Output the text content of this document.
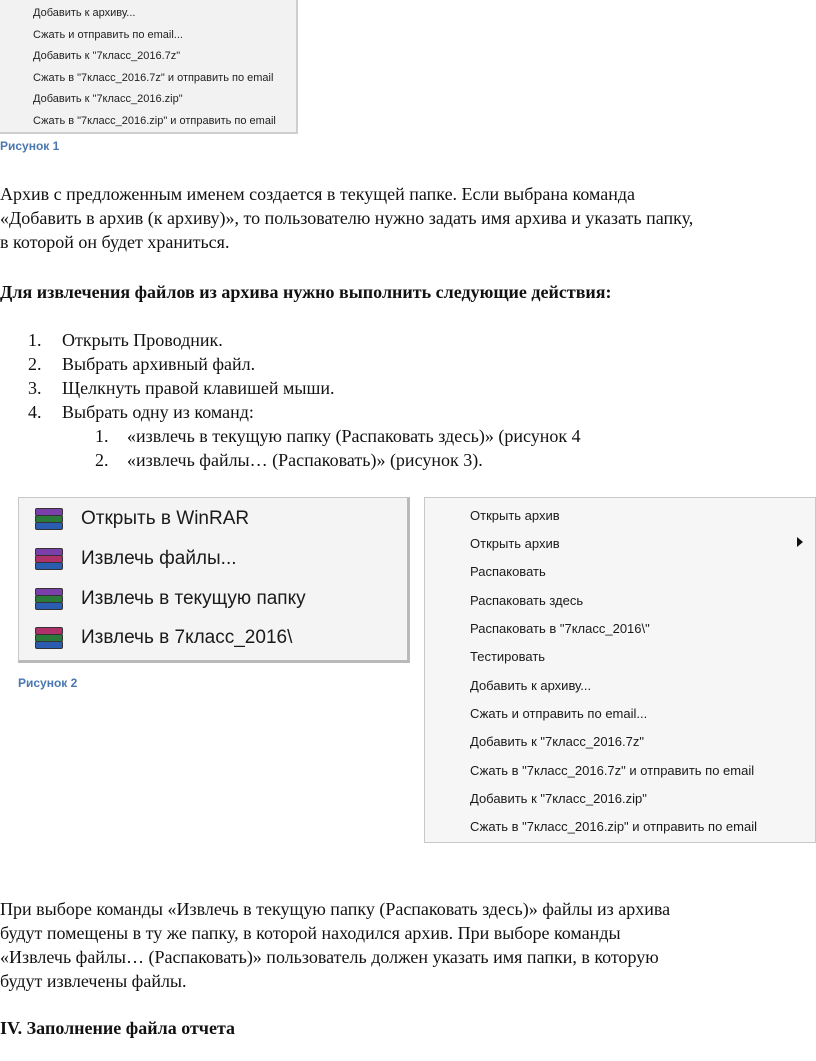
Добавить к архиву...
Сжать и отправить по email...
Добавить к "7класс_2016.7z"
Сжать в "7класс_2016.7z" и отправить по email
Добавить к "7класс_2016.zip"
Сжать в "7класс_2016.zip" и отправить по email
Рисунок 1
Архив с предложенным именем создается в текущей папке. Если выбрана команда
«Добавить в архив (к архиву)», то пользователю нужно задать имя архива и указать папку,
в которой он будет храниться.
Для извлечения файлов из архива нужно выполнить следующие действия:
1. Открыть Проводник.
2. Выбрать архивный файл.
3. Щелкнуть правой клавишей мыши.
4. Выбрать одну из команд:
1. «извлечь в текущую папку (Распаковать здесь)» (рисунок 4
2. «извлечь файлы… (Распаковать)» (рисунок 3).
Открыть в WinRAR
Извлечь файлы...
Извлечь в текущую папку
Извлечь в 7класс_2016\
Рисунок 2
Открыть архив
Открыть архив
Распаковать
Распаковать здесь
Распаковать в "7класс_2016\"
Тестировать
Добавить к архиву...
Сжать и отправить по email...
Добавить к "7класс_2016.7z"
Сжать в "7класс_2016.7z" и отправить по email
Добавить к "7класс_2016.zip"
Сжать в "7класс_2016.zip" и отправить по email
При выборе команды «Извлечь в текущую папку (Распаковать здесь)» файлы из архива
будут помещены в ту же папку, в которой находился архив. При выборе команды
«Извлечь файлы… (Распаковать)» пользователь должен указать имя папки, в которую
будут извлечены файлы.
IV. Заполнение файла отчета
